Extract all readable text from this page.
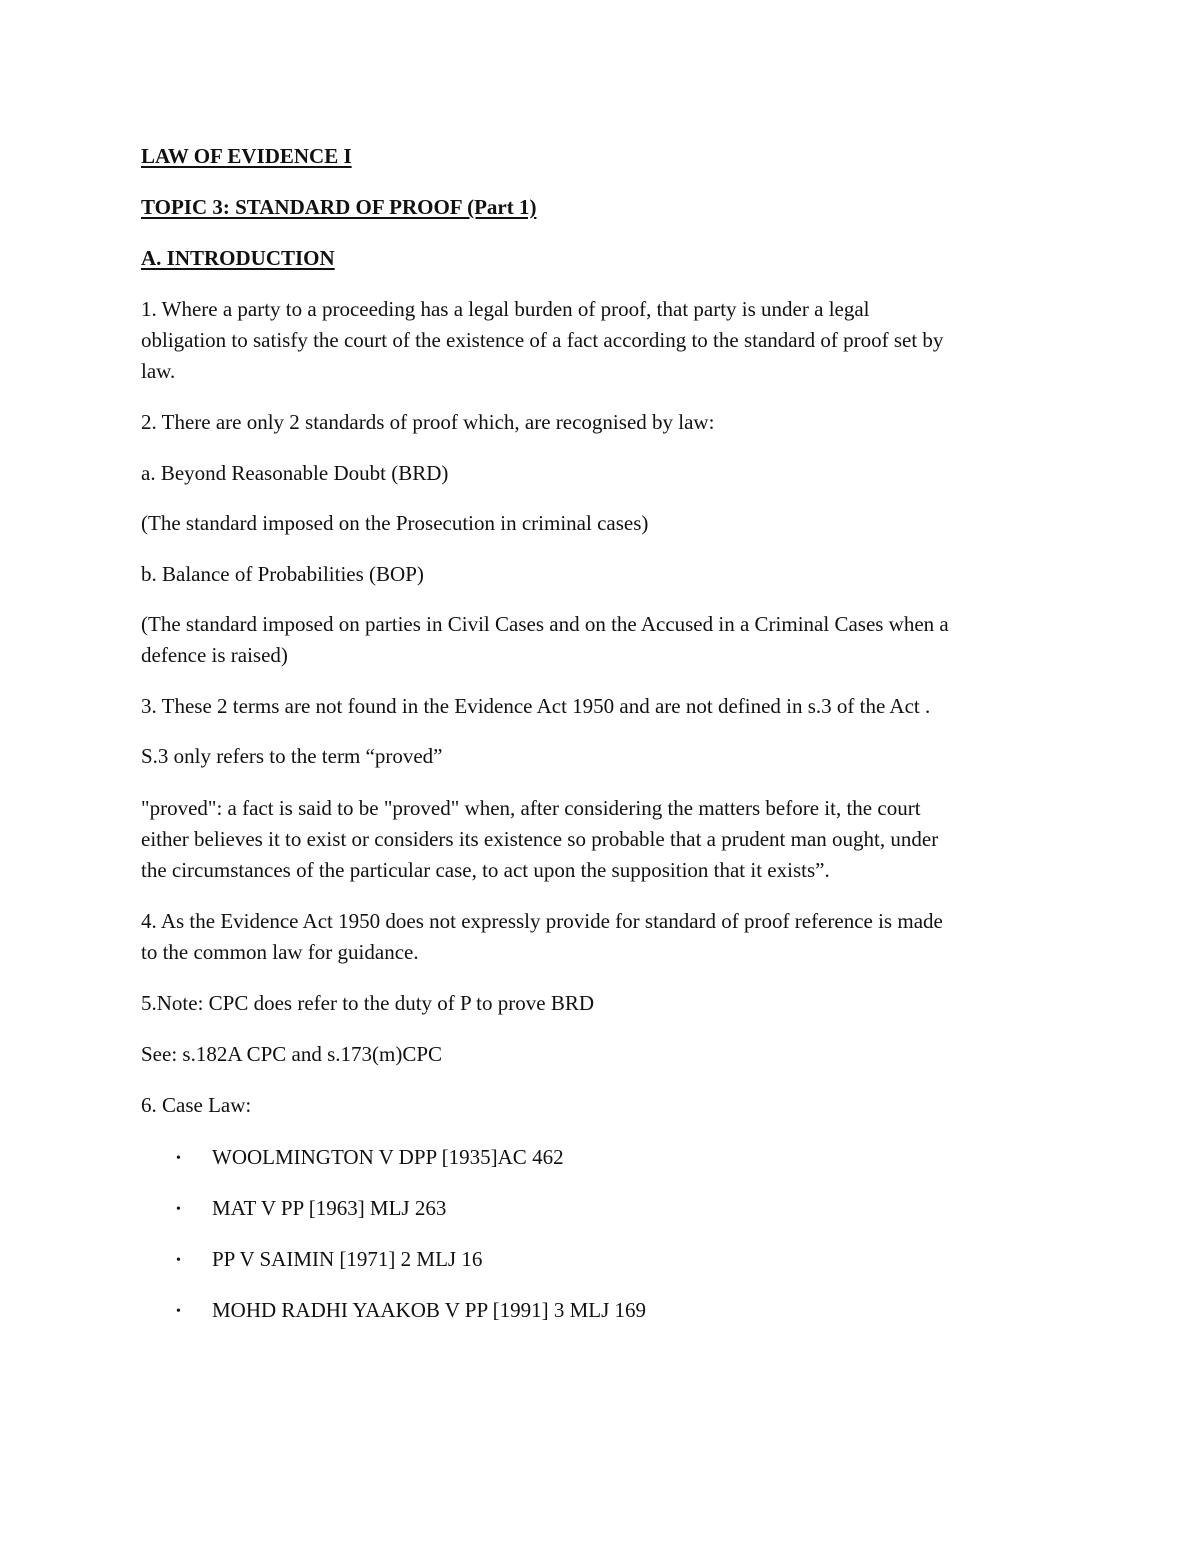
LAW OF EVIDENCE I

TOPIC 3: STANDARD OF PROOF (Part 1)

A. INTRODUCTION

1. Where a party to a proceeding has a legal burden of proof, that party is under a legal

obligation to satisfy the court of the existence of a fact according to the standard of proof set by

law.

2. There are only 2 standards of proof which, are recognised by law:

a. Beyond Reasonable Doubt (BRD)

(The standard imposed on the Prosecution in criminal cases)

b. Balance of Probabilities (BOP)

(The standard imposed on parties in Civil Cases and on the Accused in a Criminal Cases when a

defence is raised)

3. These 2 terms are not found in the Evidence Act 1950 and are not defined in s.3 of the Act .

S.3 only refers to the term “proved”

"proved": a fact is said to be "proved" when, after considering the matters before it, the court

either believes it to exist or considers its existence so probable that a prudent man ought, under

the circumstances of the particular case, to act upon the supposition that it exists”.

4. As the Evidence Act 1950 does not expressly provide for standard of proof reference is made

to the common law for guidance.

5.Note: CPC does refer to the duty of P to prove BRD

See: s.182A CPC and s.173(m)CPC

6. Case Law:

• WOOLMINGTON V DPP [1935]AC 462
• MAT V PP [1963] MLJ 263
• PP V SAIMIN [1971] 2 MLJ 16
• MOHD RADHI YAAKOB V PP [1991] 3 MLJ 169
